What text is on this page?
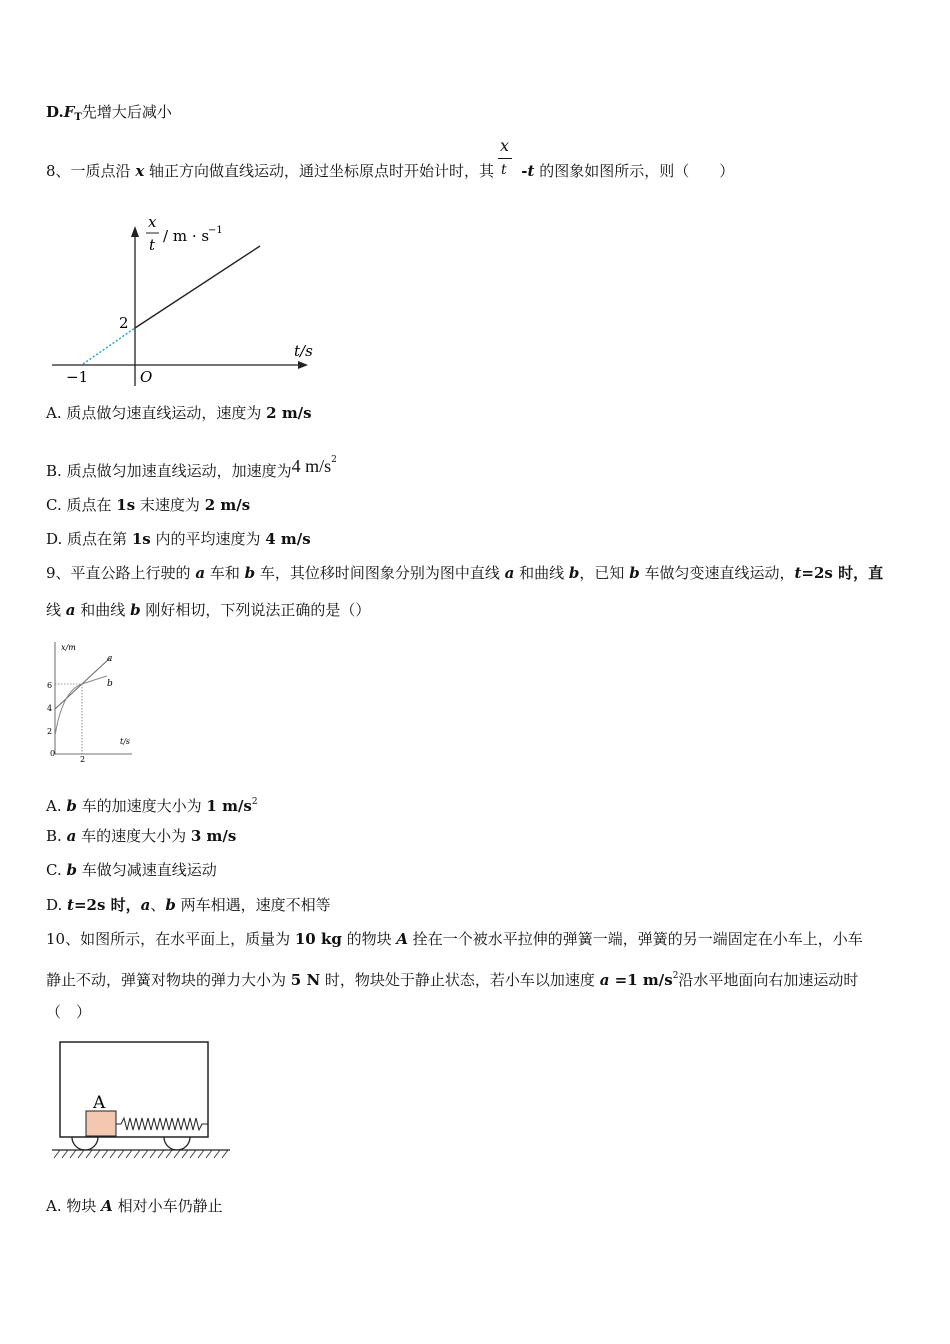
$D.F_T$先增大后减小
8、一质点沿 x 轴正方向做直线运动，通过坐标原点时开始计时，其 $\frac{x}{t} -t$ 的图象如图所示，则（　　）
x
t / m · s
−1
t/s
2
−1	O
A. 质点做匀速直线运动，速度为 2 m/s
B. 质点做匀加速直线运动，加速度为4 $m/s^2$
C. 质点在 1s 末速度为 2 m/s
D. 质点在第 1s 内的平均速度为 4 m/s
9、平直公路上行驶的 a 车和 b 车，其位移时间图象分别为图中直线 a 和曲线 b，已知 b 车做匀变速直线运动，t=2s 时，直
线 a 和曲线 b 刚好相切，下列说法正确的是（）
x/m
t/s
6
4
2
2
0
a
b
A. b 车的加速度大小为 1 $m/s^2$
B. a 车的速度大小为 3 m/s
C. b 车做匀减速直线运动
D. t=2s 时，a、b 两车相遇，速度不相等
10、如图所示，在水平面上，质量为 10 kg 的物块 A 拴在一个被水平拉伸的弹簧一端，弹簧的另一端固定在小车上，小车
静止不动，弹簧对物块的弹力大小为 5 N 时，物块处于静止状态，若小车以加速度 a =1 $m/s^2$沿水平地面向右加速运动时
（　）
A
A. 物块 A 相对小车仍静止
